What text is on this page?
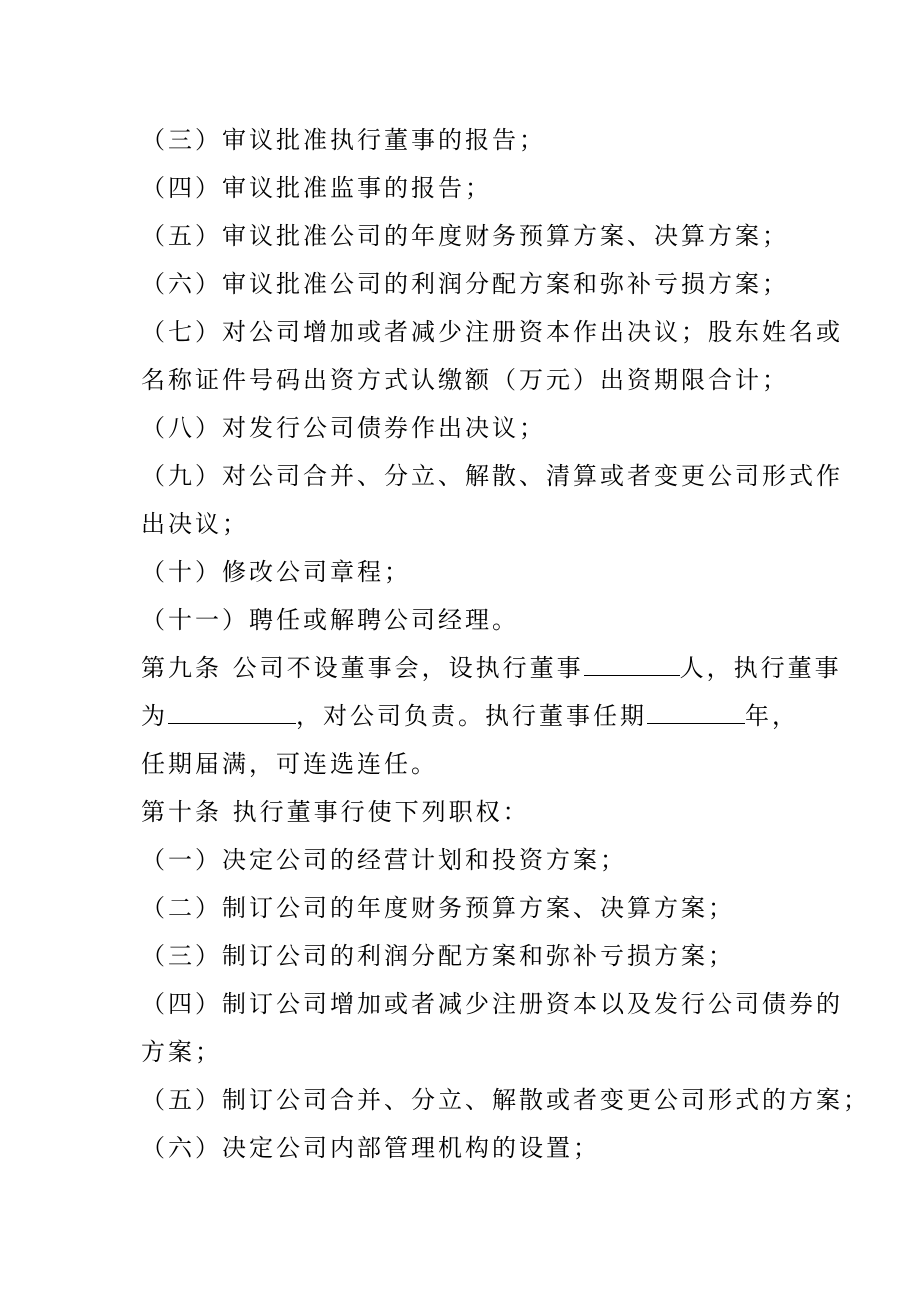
（三）审议批准执行董事的报告；
（四）审议批准监事的报告；
（五）审议批准公司的年度财务预算方案、决算方案；
（六）审议批准公司的利润分配方案和弥补亏损方案；
（七）对公司增加或者减少注册资本作出决议；股东姓名或
名称证件号码出资方式认缴额（万元）出资期限合计；
（八）对发行公司债券作出决议；
（九）对公司合并、分立、解散、清算或者变更公司形式作
出决议；
（十）修改公司章程；
（十一）聘任或解聘公司经理。
第九条 公司不设董事会，设执行董事	人，执行董事
为	，对公司负责。执行董事任期	年，
任期届满，可连选连任。
第十条 执行董事行使下列职权：
（一）决定公司的经营计划和投资方案；
（二）制订公司的年度财务预算方案、决算方案；
（三）制订公司的利润分配方案和弥补亏损方案；
（四）制订公司增加或者减少注册资本以及发行公司债券的
方案；
（五）制订公司合并、分立、解散或者变更公司形式的方案；
（六）决定公司内部管理机构的设置；
